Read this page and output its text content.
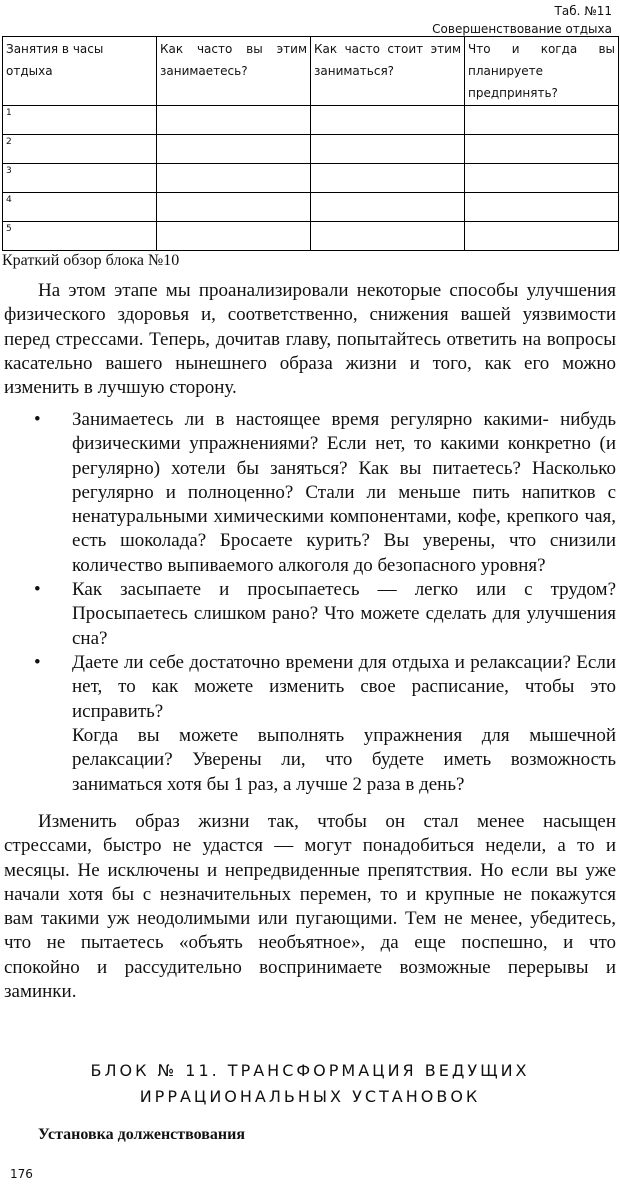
Таб. №11
Совершенствование отдыха
Занятия в часы отдыха	Как часто вы этим занимаетесь?	Как часто стоит этим заниматься?	Что и когда вы планируете предпринять?
1			
2			
3			
4			
5			
Краткий обзор блока №10

На этом этапе мы проанализировали некоторые способы улучшения физического здоровья и, соответственно, снижения вашей уязвимости перед стрессами. Теперь, дочитав главу, попытайтесь ответить на вопросы касательно вашего нынешнего образа жизни и того, как его можно изменить в лучшую сторону.

• Занимаетесь ли в настоящее время регулярно какими- нибудь физическими упражнениями? Если нет, то какими конкретно (и регулярно) хотели бы заняться? Как вы питаетесь? Насколько регулярно и полноценно? Стали ли меньше пить напитков с ненатуральными химическими компонентами, кофе, крепкого чая, есть шоколада? Бросаете курить? Вы уверены, что снизили количество выпиваемого алкоголя до безопасного уровня?
• Как засыпаете и просыпаетесь — легко или с трудом? Просыпаетесь слишком рано? Что можете сделать для улучшения сна?
• Даете ли себе достаточно времени для отдыха и релаксации? Если нет, то как можете изменить свое расписание, чтобы это исправить?
Когда вы можете выполнять упражнения для мышечной релаксации? Уверены ли, что будете иметь возможность заниматься хотя бы 1 раз, а лучше 2 раза в день?
Изменить образ жизни так, чтобы он стал менее насыщен
стрессами, быстро не удастся — могут понадобиться недели, а то и
месяцы. Не исключены и непредвиденные препятствия. Но если вы уже
начали хотя бы с незначительных перемен, то и крупные не покажутся
вам такими уж неодолимыми или пугающими. Тем не менее, убедитесь,
что не пытаетесь «объять необъятное», да еще поспешно, и что
спокойно и рассудительно воспринимаете возможные перерывы и
заминки.
БЛОК № 11. ТРАНСФОРМАЦИЯ ВЕДУЩИХ
ИРРАЦИОНАЛЬНЫХ УСТАНОВОК
Установка долженствования
176
